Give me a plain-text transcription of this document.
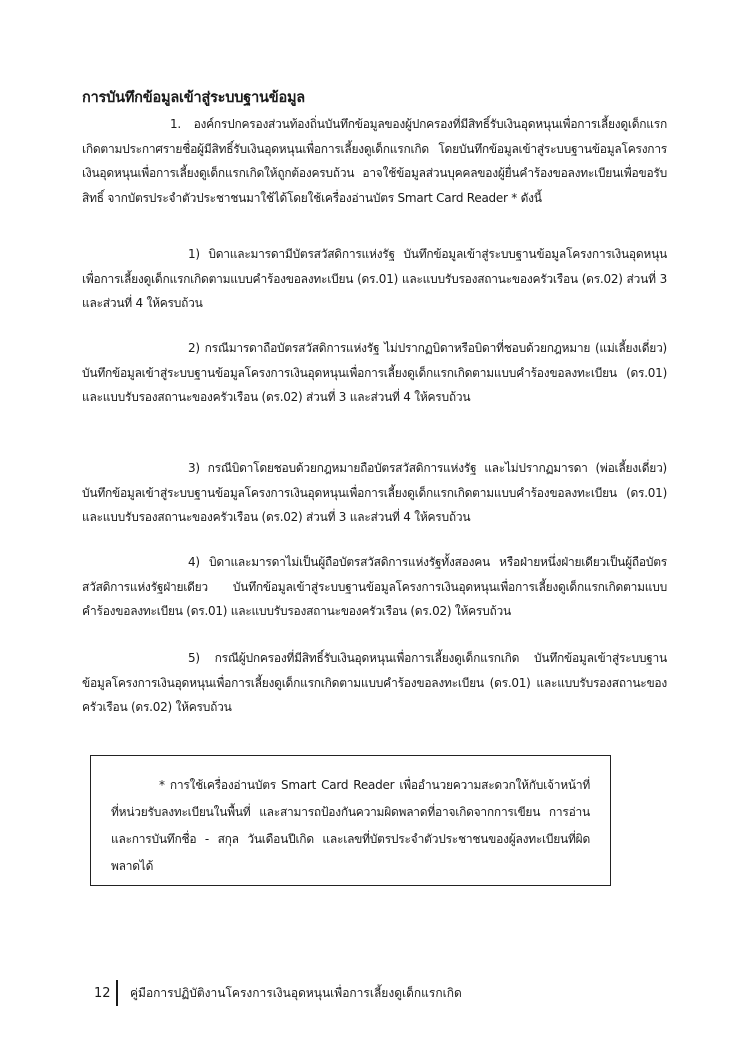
การบันทึกข้อมูลเข้าสู่ระบบฐานข้อมูล
1. องค์กรปกครองส่วนท้องถิ่นบันทึกข้อมูลของผู้ปกครองที่มีสิทธิ์รับเงินอุดหนุนเพื่อการเลี้ยงดูเด็กแรกเกิดตามประกาศรายชื่อผู้มีสิทธิ์รับเงินอุดหนุนเพื่อการเลี้ยงดูเด็กแรกเกิด โดยบันทึกข้อมูลเข้าสู่ระบบฐานข้อมูลโครงการเงินอุดหนุนเพื่อการเลี้ยงดูเด็กแรกเกิดให้ถูกต้องครบถ้วน อาจใช้ข้อมูลส่วนบุคคลของผู้ยื่นคำร้องขอลงทะเบียนเพื่อขอรับสิทธิ์ จากบัตรประจำตัวประชาชนมาใช้ได้โดยใช้เครื่องอ่านบัตร Smart Card Reader * ดังนี้
1) บิดาและมารดามีบัตรสวัสดิการแห่งรัฐ บันทึกข้อมูลเข้าสู่ระบบฐานข้อมูลโครงการเงินอุดหนุนเพื่อการเลี้ยงดูเด็กแรกเกิดตามแบบคำร้องขอลงทะเบียน (ดร.01) และแบบรับรองสถานะของครัวเรือน (ดร.02) ส่วนที่ 3 และส่วนที่ 4 ให้ครบถ้วน
2) กรณีมารดาถือบัตรสวัสดิการแห่งรัฐ ไม่ปรากฏบิดาหรือบิดาที่ชอบด้วยกฎหมาย (แม่เลี้ยงเดี่ยว) บันทึกข้อมูลเข้าสู่ระบบฐานข้อมูลโครงการเงินอุดหนุนเพื่อการเลี้ยงดูเด็กแรกเกิดตามแบบคำร้องขอลงทะเบียน (ดร.01) และแบบรับรองสถานะของครัวเรือน (ดร.02) ส่วนที่ 3 และส่วนที่ 4 ให้ครบถ้วน
3) กรณีบิดาโดยชอบด้วยกฎหมายถือบัตรสวัสดิการแห่งรัฐ และไม่ปรากฏมารดา (พ่อเลี้ยงเดี่ยว) บันทึกข้อมูลเข้าสู่ระบบฐานข้อมูลโครงการเงินอุดหนุนเพื่อการเลี้ยงดูเด็กแรกเกิดตามแบบคำร้องขอลงทะเบียน (ดร.01) และแบบรับรองสถานะของครัวเรือน (ดร.02) ส่วนที่ 3 และส่วนที่ 4 ให้ครบถ้วน
4) บิดาและมารดาไม่เป็นผู้ถือบัตรสวัสดิการแห่งรัฐทั้งสองคน หรือฝ่ายหนึ่งฝ่ายเดียวเป็นผู้ถือบัตรสวัสดิการแห่งรัฐฝ่ายเดียว บันทึกข้อมูลเข้าสู่ระบบฐานข้อมูลโครงการเงินอุดหนุนเพื่อการเลี้ยงดูเด็กแรกเกิดตามแบบคำร้องขอลงทะเบียน (ดร.01) และแบบรับรองสถานะของครัวเรือน (ดร.02) ให้ครบถ้วน
5) กรณีผู้ปกครองที่มีสิทธิ์รับเงินอุดหนุนเพื่อการเลี้ยงดูเด็กแรกเกิด บันทึกข้อมูลเข้าสู่ระบบฐานข้อมูลโครงการเงินอุดหนุนเพื่อการเลี้ยงดูเด็กแรกเกิดตามแบบคำร้องขอลงทะเบียน (ดร.01) และแบบรับรองสถานะของครัวเรือน (ดร.02) ให้ครบถ้วน
* การใช้เครื่องอ่านบัตร Smart Card Reader เพื่ออำนวยความสะดวกให้กับเจ้าหน้าที่ที่หน่วยรับลงทะเบียนในพื้นที่ และสามารถป้องกันความผิดพลาดที่อาจเกิดจากการเขียน การอ่านและการบันทึกชื่อ - สกุล วันเดือนปีเกิด และเลขที่บัตรประจำตัวประชาชนของผู้ลงทะเบียนที่ผิดพลาดได้
12	คู่มือการปฏิบัติงานโครงการเงินอุดหนุนเพื่อการเลี้ยงดูเด็กแรกเกิด
